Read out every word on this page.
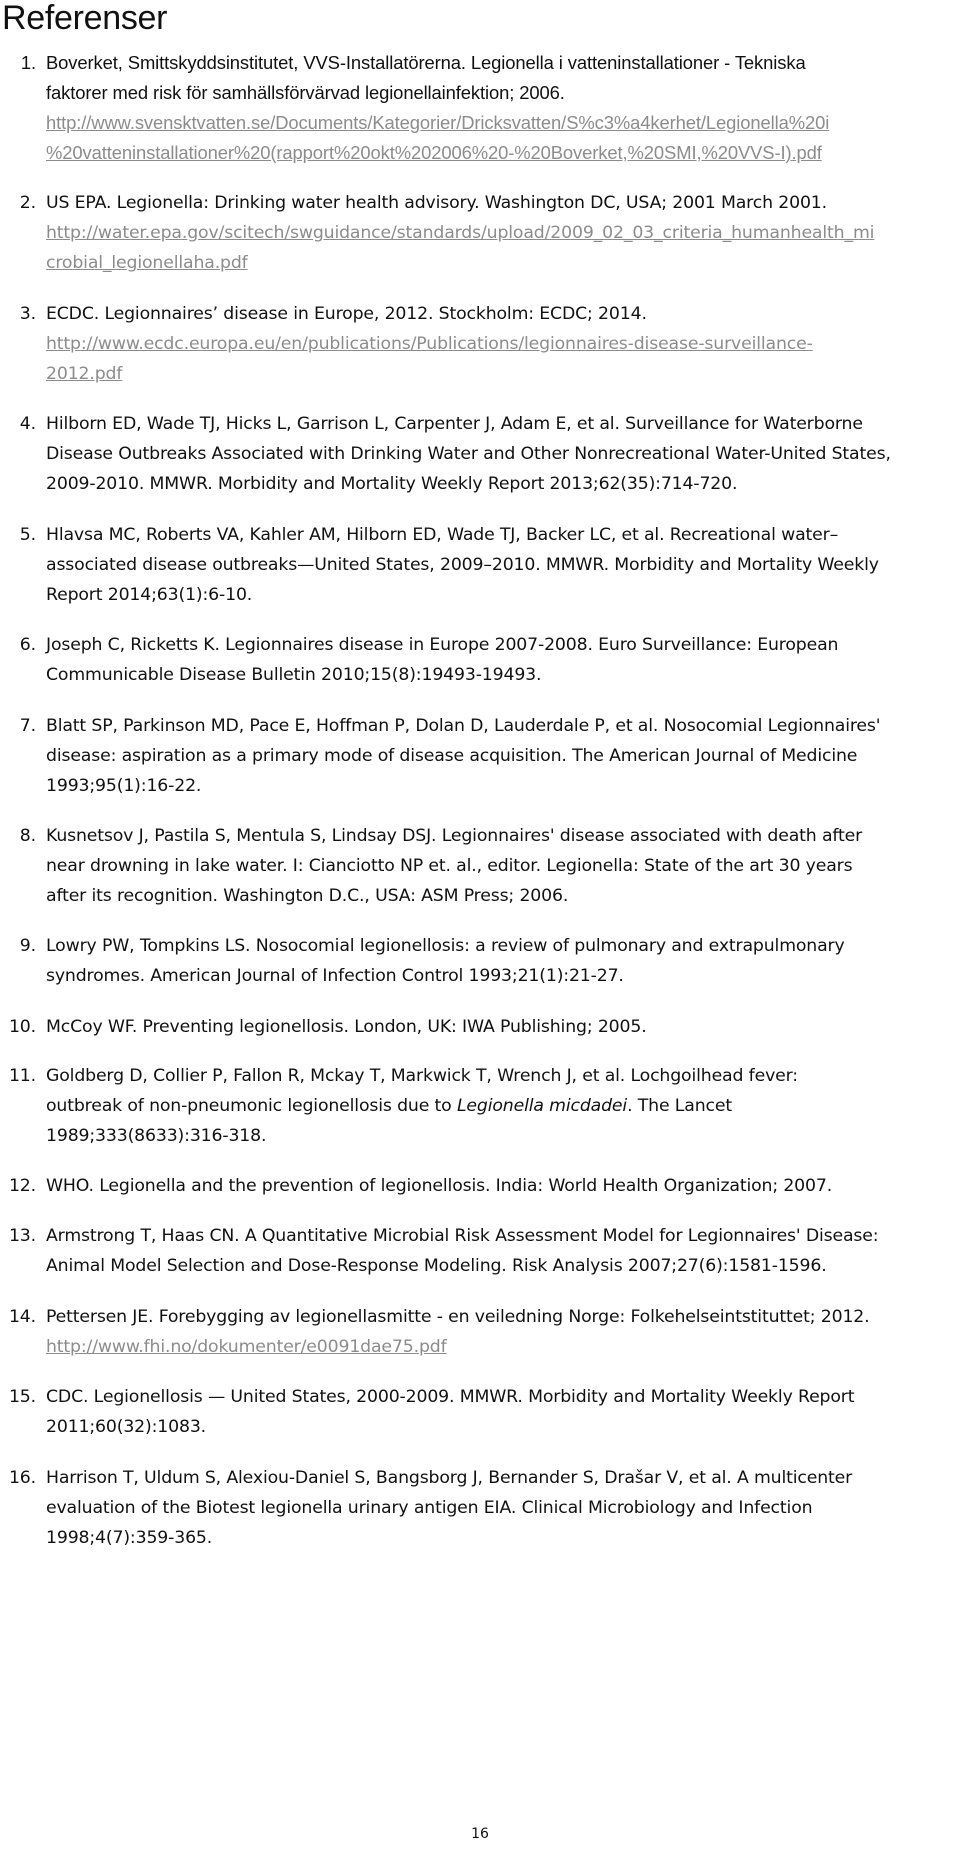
Referenser
1. Boverket, Smittskyddsinstitutet, VVS-Installatörerna. Legionella i vatteninstallationer - Tekniska
faktorer med risk för samhällsförvärvad legionellainfektion; 2006.
http://www.svensktvatten.se/Documents/Kategorier/Dricksvatten/S%c3%a4kerhet/Legionella%20i
%20vatteninstallationer%20(rapport%20okt%202006%20-%20Boverket,%20SMI,%20VVS-I).pdf
2. US EPA. Legionella: Drinking water health advisory. Washington DC, USA; 2001 March 2001.
http://water.epa.gov/scitech/swguidance/standards/upload/2009_02_03_criteria_humanhealth_mi
crobial_legionellaha.pdf
3. ECDC. Legionnaires’ disease in Europe, 2012. Stockholm: ECDC; 2014.
http://www.ecdc.europa.eu/en/publications/Publications/legionnaires-disease-surveillance-
2012.pdf
4. Hilborn ED, Wade TJ, Hicks L, Garrison L, Carpenter J, Adam E, et al. Surveillance for Waterborne
Disease Outbreaks Associated with Drinking Water and Other Nonrecreational Water-United States,
2009-2010. MMWR. Morbidity and Mortality Weekly Report 2013;62(35):714-720.
5. Hlavsa MC, Roberts VA, Kahler AM, Hilborn ED, Wade TJ, Backer LC, et al. Recreational water–
associated disease outbreaks—United States, 2009–2010. MMWR. Morbidity and Mortality Weekly
Report 2014;63(1):6-10.
6. Joseph C, Ricketts K. Legionnaires disease in Europe 2007-2008. Euro Surveillance: European
Communicable Disease Bulletin 2010;15(8):19493-19493.
7. Blatt SP, Parkinson MD, Pace E, Hoffman P, Dolan D, Lauderdale P, et al. Nosocomial Legionnaires'
disease: aspiration as a primary mode of disease acquisition. The American Journal of Medicine
1993;95(1):16-22.
8. Kusnetsov J, Pastila S, Mentula S, Lindsay DSJ. Legionnaires' disease associated with death after
near drowning in lake water. I: Cianciotto NP et. al., editor. Legionella: State of the art 30 years
after its recognition. Washington D.C., USA: ASM Press; 2006.
9. Lowry PW, Tompkins LS. Nosocomial legionellosis: a review of pulmonary and extrapulmonary
syndromes. American Journal of Infection Control 1993;21(1):21-27.
10. McCoy WF. Preventing legionellosis. London, UK: IWA Publishing; 2005.
11. Goldberg D, Collier P, Fallon R, Mckay T, Markwick T, Wrench J, et al. Lochgoilhead fever:
outbreak of non-pneumonic legionellosis due to Legionella micdadei. The Lancet
1989;333(8633):316-318.
12. WHO. Legionella and the prevention of legionellosis. India: World Health Organization; 2007.
13. Armstrong T, Haas CN. A Quantitative Microbial Risk Assessment Model for Legionnaires' Disease:
Animal Model Selection and Dose-Response Modeling. Risk Analysis 2007;27(6):1581-1596.
14. Pettersen JE. Forebygging av legionellasmitte - en veiledning Norge: Folkehelseintstituttet; 2012.
http://www.fhi.no/dokumenter/e0091dae75.pdf
15. CDC. Legionellosis — United States, 2000-2009. MMWR. Morbidity and Mortality Weekly Report
2011;60(32):1083.
16. Harrison T, Uldum S, Alexiou-Daniel S, Bangsborg J, Bernander S, Drašar V, et al. A multicenter
evaluation of the Biotest legionella urinary antigen EIA. Clinical Microbiology and Infection
1998;4(7):359-365.
16
